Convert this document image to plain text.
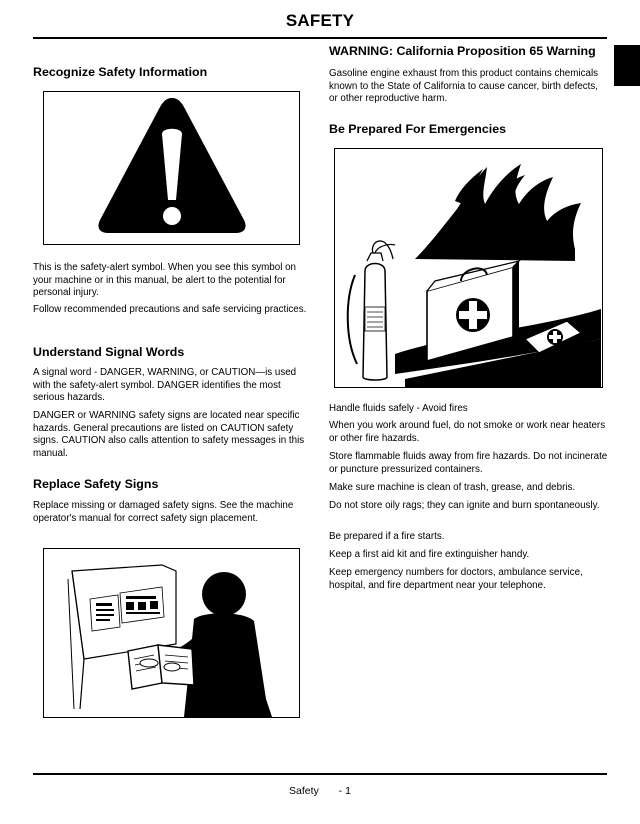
SAFETY
Recognize Safety Information
This is the safety-alert symbol. When you see this symbol on your machine or in this manual, be alert to the potential for personal injury.
Follow recommended precautions and safe servicing practices.
Understand Signal Words
A signal word - DANGER, WARNING, or CAUTION—is used with the safety-alert symbol. DANGER identifies the most serious hazards.
DANGER or WARNING safety signs are located near specific hazards. General precautions are listed on CAUTION safety signs. CAUTION also calls attention to safety messages in this manual.
Replace Safety Signs
Replace missing or damaged safety signs. See the machine operator's manual for correct safety sign placement.
WARNING: California Proposition 65 Warning
Gasoline engine exhaust from this product contains chemicals known to the State of California to cause cancer, birth defects, or other reproductive harm.
Be Prepared For Emergencies
Handle fluids safely - Avoid fires
When you work around fuel, do not smoke or work near heaters or other fire hazards.
Store flammable fluids away from fire hazards. Do not incinerate or puncture pressurized containers.
Make sure machine is clean of trash, grease, and debris.
Do not store oily rags; they can ignite and burn spontaneously.
Be prepared if a fire starts.
Keep a first aid kit and fire extinguisher handy.
Keep emergency numbers for doctors, ambulance service, hospital, and fire department near your telephone.
Safety - 1
